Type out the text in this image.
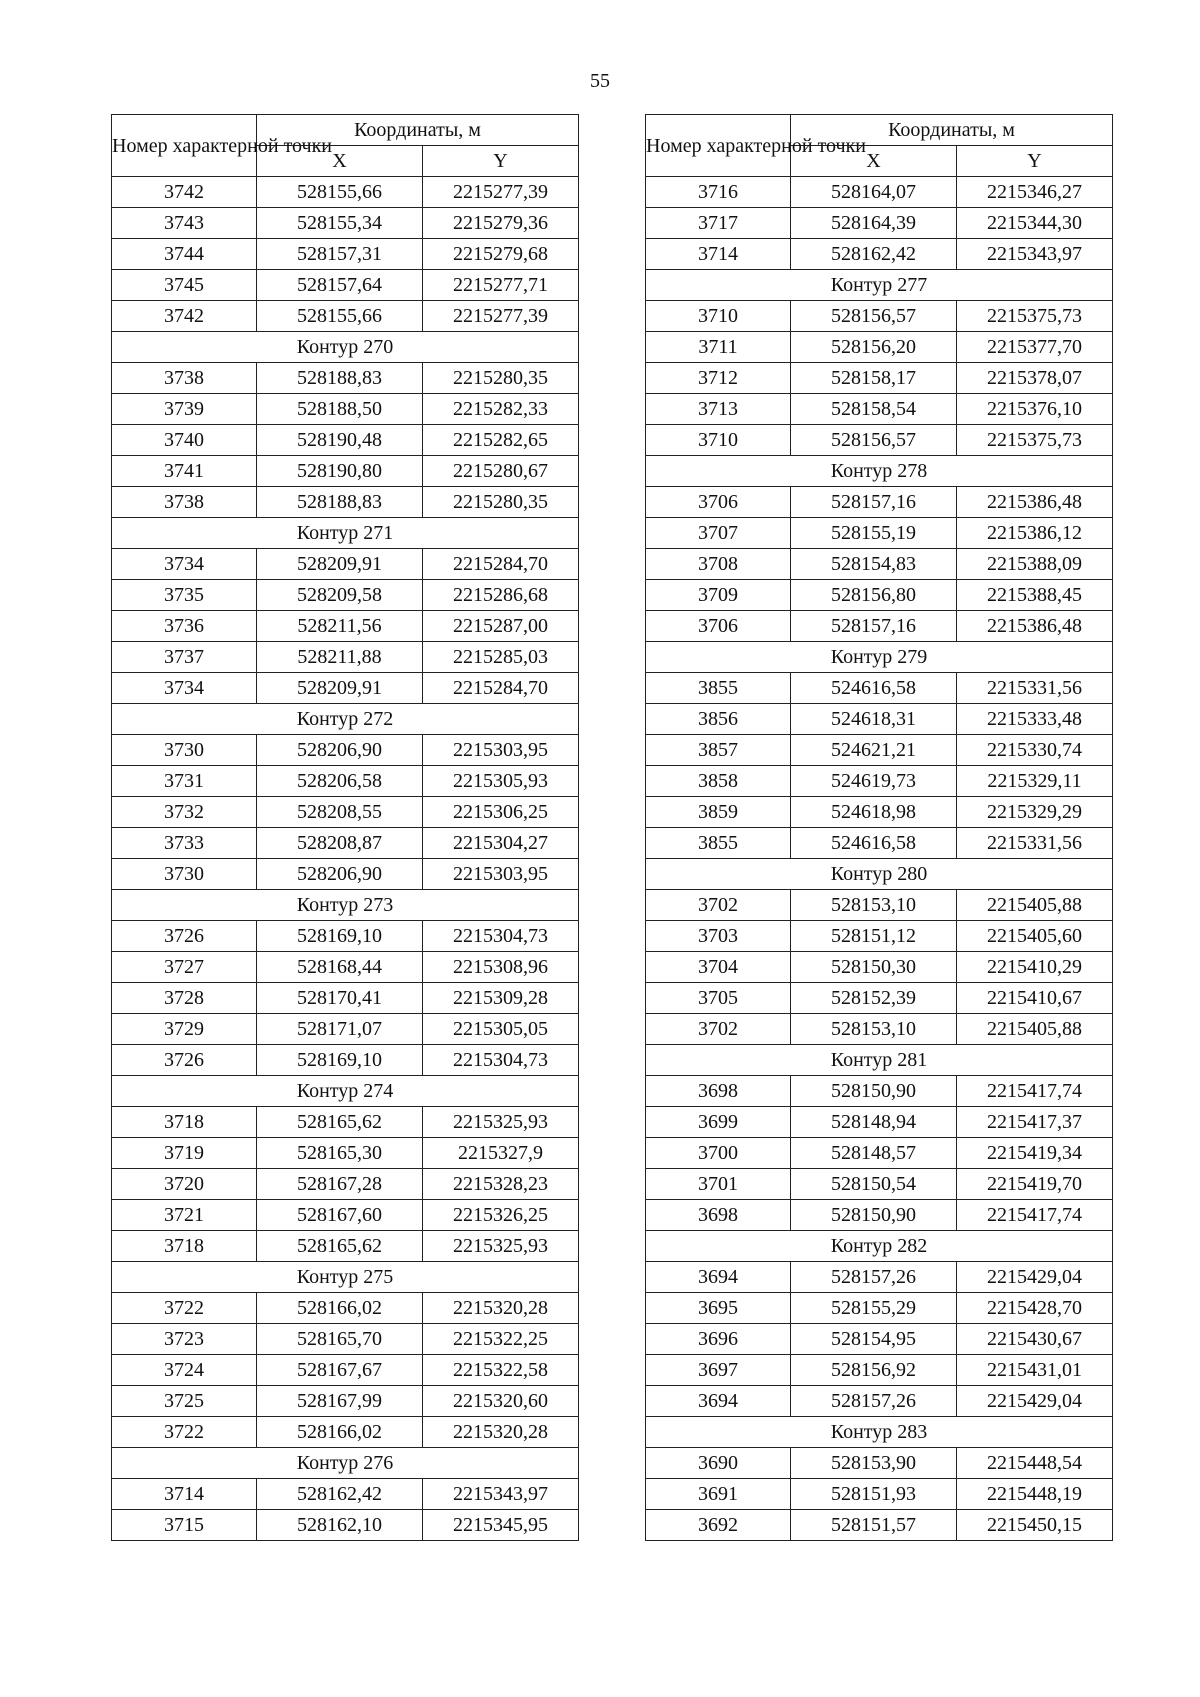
55
Номер характерной точки	Координаты, м	
	X	Y
3742	528155,66	2215277,39
3743	528155,34	2215279,36
3744	528157,31	2215279,68
3745	528157,64	2215277,71
3742	528155,66	2215277,39
Контур 270		
3738	528188,83	2215280,35
3739	528188,50	2215282,33
3740	528190,48	2215282,65
3741	528190,80	2215280,67
3738	528188,83	2215280,35
Контур 271		
3734	528209,91	2215284,70
3735	528209,58	2215286,68
3736	528211,56	2215287,00
3737	528211,88	2215285,03
3734	528209,91	2215284,70
Контур 272		
3730	528206,90	2215303,95
3731	528206,58	2215305,93
3732	528208,55	2215306,25
3733	528208,87	2215304,27
3730	528206,90	2215303,95
Контур 273		
3726	528169,10	2215304,73
3727	528168,44	2215308,96
3728	528170,41	2215309,28
3729	528171,07	2215305,05
3726	528169,10	2215304,73
Контур 274		
3718	528165,62	2215325,93
3719	528165,30	2215327,9
3720	528167,28	2215328,23
3721	528167,60	2215326,25
3718	528165,62	2215325,93
Контур 275		
3722	528166,02	2215320,28
3723	528165,70	2215322,25
3724	528167,67	2215322,58
3725	528167,99	2215320,60
3722	528166,02	2215320,28
Контур 276		
3714	528162,42	2215343,97
3715	528162,10	2215345,95
Номер характерной точки	Координаты, м	
	X	Y
3716	528164,07	2215346,27
3717	528164,39	2215344,30
3714	528162,42	2215343,97
Контур 277		
3710	528156,57	2215375,73
3711	528156,20	2215377,70
3712	528158,17	2215378,07
3713	528158,54	2215376,10
3710	528156,57	2215375,73
Контур 278		
3706	528157,16	2215386,48
3707	528155,19	2215386,12
3708	528154,83	2215388,09
3709	528156,80	2215388,45
3706	528157,16	2215386,48
Контур 279		
3855	524616,58	2215331,56
3856	524618,31	2215333,48
3857	524621,21	2215330,74
3858	524619,73	2215329,11
3859	524618,98	2215329,29
3855	524616,58	2215331,56
Контур 280		
3702	528153,10	2215405,88
3703	528151,12	2215405,60
3704	528150,30	2215410,29
3705	528152,39	2215410,67
3702	528153,10	2215405,88
Контур 281		
3698	528150,90	2215417,74
3699	528148,94	2215417,37
3700	528148,57	2215419,34
3701	528150,54	2215419,70
3698	528150,90	2215417,74
Контур 282		
3694	528157,26	2215429,04
3695	528155,29	2215428,70
3696	528154,95	2215430,67
3697	528156,92	2215431,01
3694	528157,26	2215429,04
Контур 283		
3690	528153,90	2215448,54
3691	528151,93	2215448,19
3692	528151,57	2215450,15
